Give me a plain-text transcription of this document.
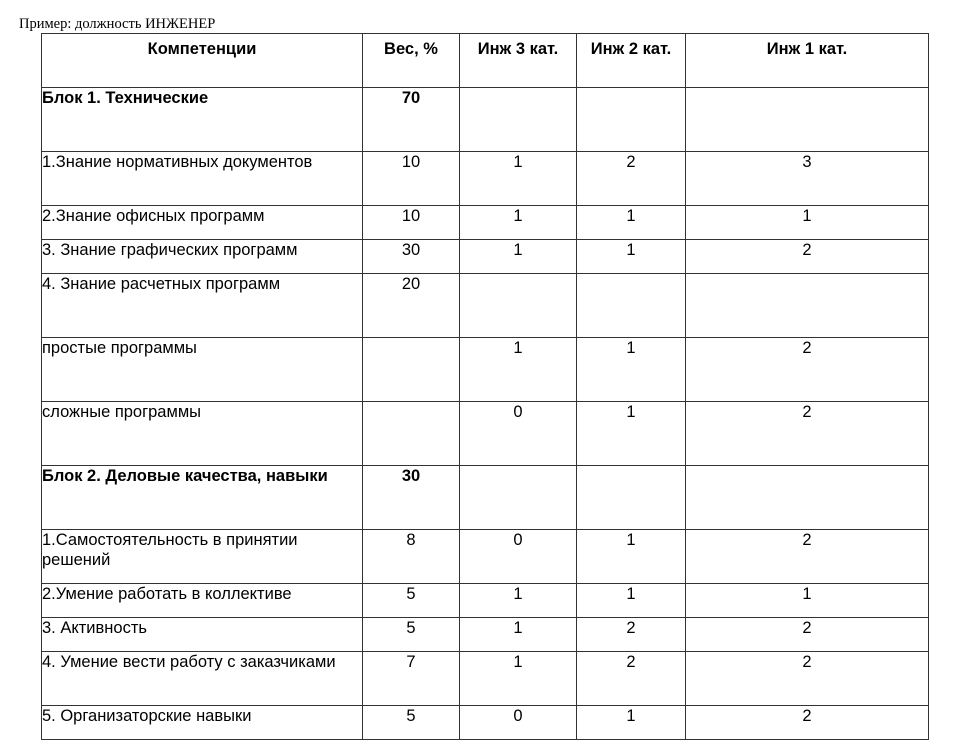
Пример: должность ИНЖЕНЕР
Компетенции	Вес, %	Инж 3 кат.	Инж 2 кат.	Инж 1 кат.
Блок 1. Технические	70			
1.Знание нормативных документов	10	1	2	3
2.Знание офисных программ	10	1	1	1
3. Знание графических программ	30	1	1	2
4. Знание расчетных программ	20			
простые программы		1	1	2
сложные программы		0	1	2
Блок 2. Деловые качества, навыки	30			
1.Самостоятельность в принятии решений	8	0	1	2
2.Умение работать в коллективе	5	1	1	1
3. Активность	5	1	2	2
4. Умение вести работу с заказчиками	7	1	2	2
5. Организаторские навыки	5	0	1	2
